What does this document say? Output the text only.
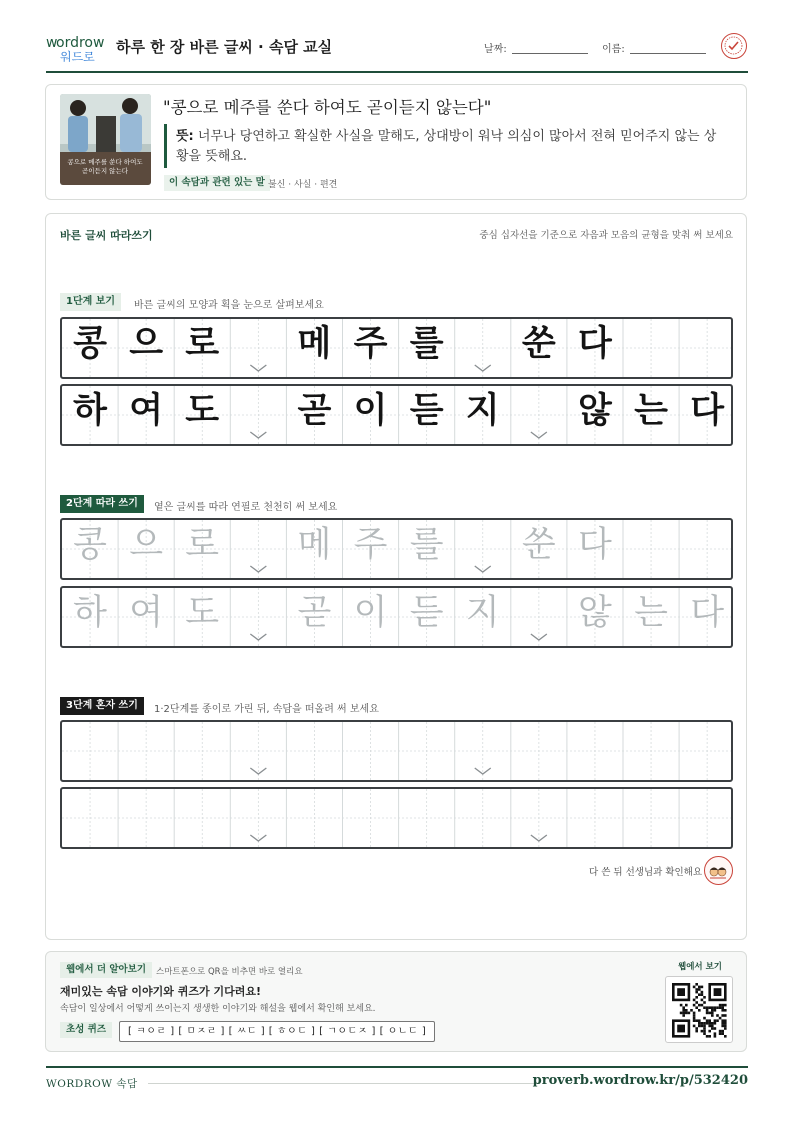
w
ordrow
워드로
하루 한 장 바른 글씨 · 속담 교실	날짜:	이름:
콩으로 메주를 쑨다 하여도
곧이듣지 않는다
"콩으로 메주를 쑨다 하여도 곧이듣지 않는다"
뜻: 너무나 당연하고 확실한 사실을 말해도, 상대방이 워낙 의심이 많아서 전혀 믿어주지 않는 상황을 뜻해요.
이 속담과 관련 있는 말 불신 · 사실 · 편견
바른 글씨 따라쓰기	중심 십자선을 기준으로 자음과 모음의 균형을 맞춰 써 보세요
1단계 보기	바른 글씨의 모양과 획을 눈으로 살펴보세요
콩 으 로	메 주 를	쑨 다
하 여 도	곧 이 듣 지	않 는 다
2단계 따라 쓰기	옅은 글씨를 따라 연필로 천천히 써 보세요
콩 으 로	메 주 를	쑨 다
하 여 도	곧 이 듣 지	않 는 다
3단계 혼자 쓰기	1·2단계를 종이로 가린 뒤, 속담을 떠올려 써 보세요
다 쓴 뒤 선생님과 확인해요
웹에서 더 알아보기	스마트폰으로 QR을 비추면 바로 열리요
재미있는 속담 이야기와 퀴즈가 기다려요!
속담이 일상에서 어떻게 쓰이는지 생생한 이야기와 해설을 웹에서 확인해 보세요.
초성 퀴즈	[ ㅋㅇㄹ ] [ ㅁㅈㄹ ] [ ㅆㄷ ] [ ㅎㅇㄷ ] [ ㄱㅇㄷㅈ ] [ ㅇㄴㄷ ]
웹에서 보기
WORDROW 속담	proverb.wordrow.kr/p/532420
